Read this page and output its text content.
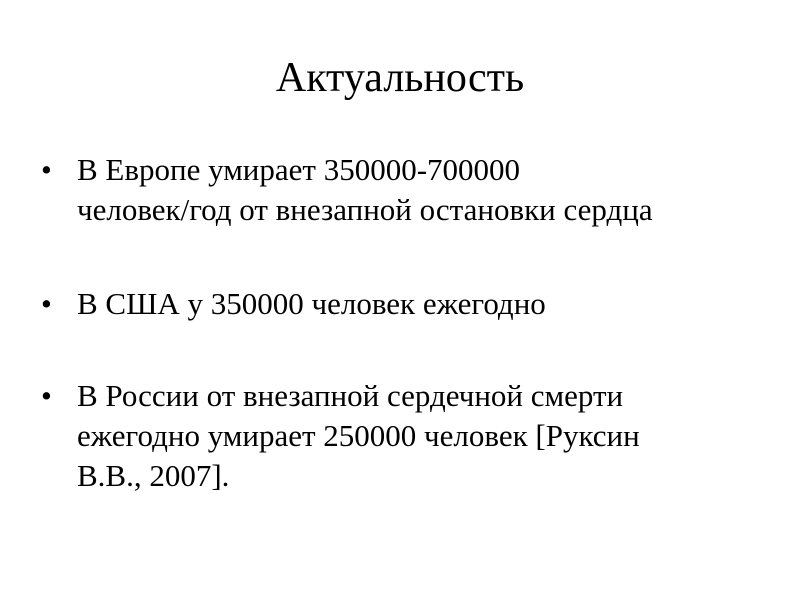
Актуальность
• В Европе умирает 350000-700000
человек/год от внезапной остановки сердца
• В США у 350000 человек ежегодно
• В России от внезапной сердечной смерти
ежегодно умирает 250000 человек [Руксин
В.В., 2007].
